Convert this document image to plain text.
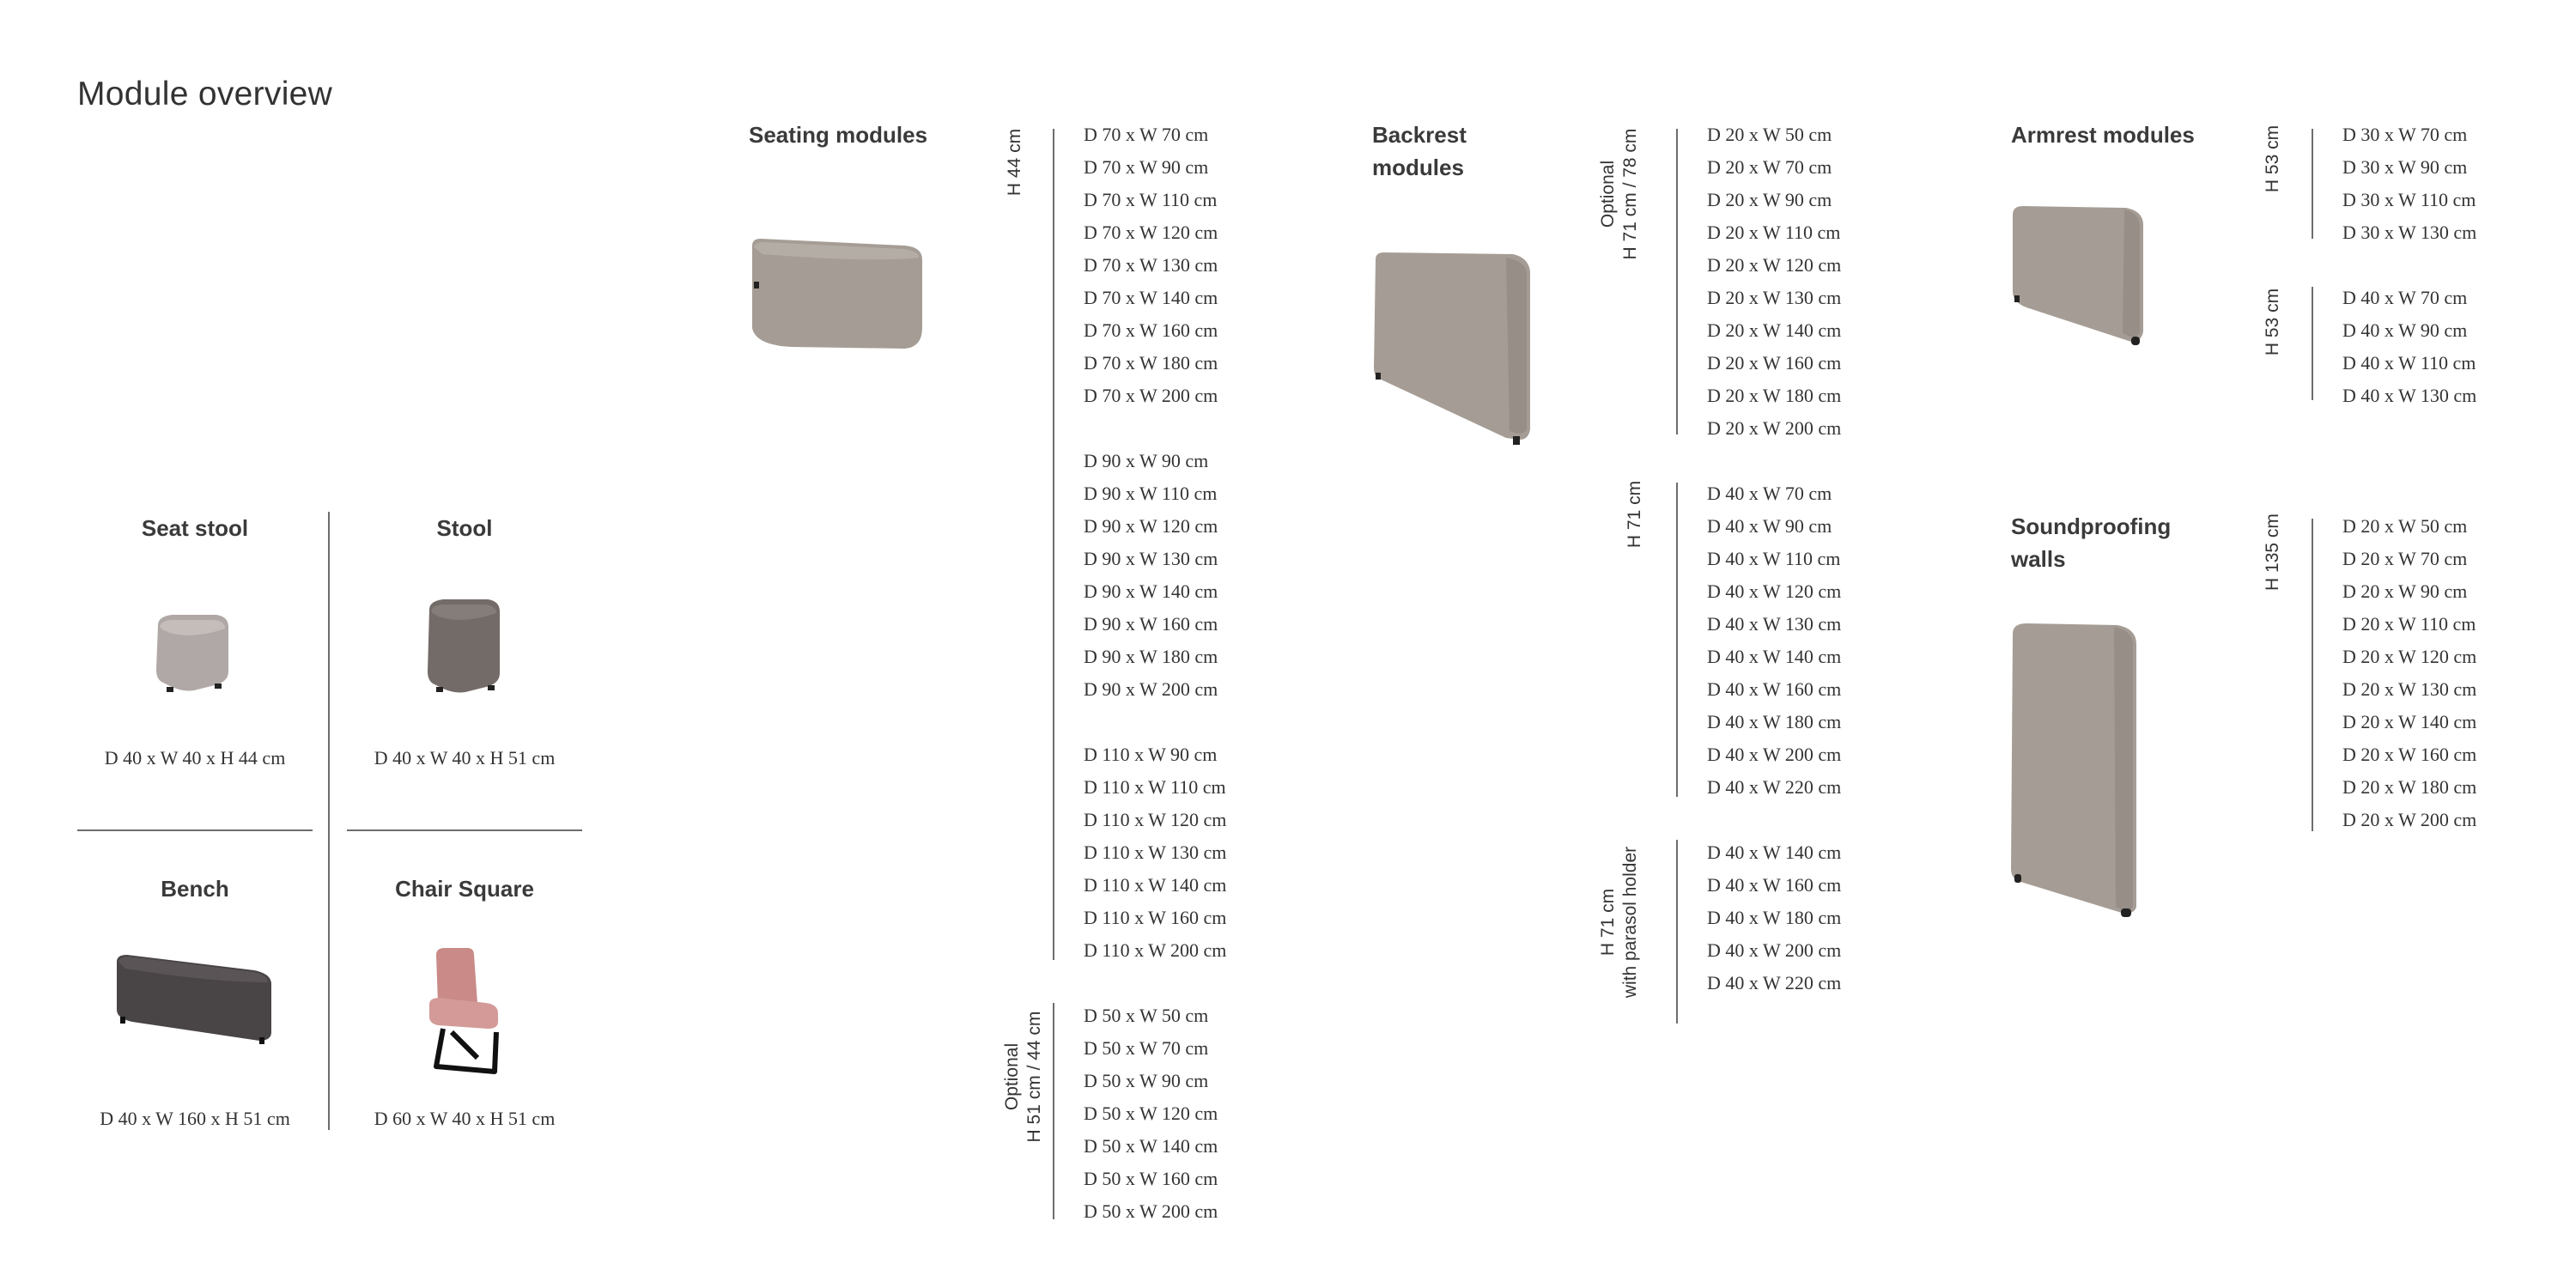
Module overview
Seat stool
D 40 x W 40 x H 44 cm
Stool
D 40 x W 40 x H 51 cm
Bench
D 40 x W 160 x H 51 cm
Chair Square
D 60 x W 40 x H 51 cm
Seating modules	H 44 cm	D 70 x W 70 cm
D 70 x W 90 cm
D 70 x W 110 cm
D 70 x W 120 cm
D 70 x W 130 cm
D 70 x W 140 cm
D 70 x W 160 cm
D 70 x W 180 cm
D 70 x W 200 cm
D 90 x W 90 cm
D 90 x W 110 cm
D 90 x W 120 cm
D 90 x W 130 cm
D 90 x W 140 cm
D 90 x W 160 cm
D 90 x W 180 cm
D 90 x W 200 cm
D 110 x W 90 cm
D 110 x W 110 cm
D 110 x W 120 cm
D 110 x W 130 cm
D 110 x W 140 cm
D 110 x W 160 cm
D 110 x W 200 cm
Optional H 51 cm / 44 cm D 50 x W 50 cm
D 50 x W 70 cm
D 50 x W 90 cm
D 50 x W 120 cm
D 50 x W 140 cm
D 50 x W 160 cm
D 50 x W 200 cm
Backrest
modules	Optional H 71 cm / 78 cm	D 20 x W 50 cm
D 20 x W 70 cm
D 20 x W 90 cm
D 20 x W 110 cm
D 20 x W 120 cm
D 20 x W 130 cm
D 20 x W 140 cm
D 20 x W 160 cm
D 20 x W 180 cm
D 20 x W 200 cm
H 71 cm	D 40 x W 70 cm
D 40 x W 90 cm
D 40 x W 110 cm
D 40 x W 120 cm
D 40 x W 130 cm
D 40 x W 140 cm
D 40 x W 160 cm
D 40 x W 180 cm
D 40 x W 200 cm
D 40 x W 220 cm
H 71 cm with parasol holder	D 40 x W 140 cm
D 40 x W 160 cm
D 40 x W 180 cm
D 40 x W 200 cm
D 40 x W 220 cm
Armrest modules	H 53 cm	D 30 x W 70 cm
D 30 x W 90 cm
D 30 x W 110 cm
D 30 x W 130 cm
H 53 cm	D 40 x W 70 cm
D 40 x W 90 cm
D 40 x W 110 cm
D 40 x W 130 cm
Soundproofing
walls	H 135 cm	D 20 x W 50 cm
D 20 x W 70 cm
D 20 x W 90 cm
D 20 x W 110 cm
D 20 x W 120 cm
D 20 x W 130 cm
D 20 x W 140 cm
D 20 x W 160 cm
D 20 x W 180 cm
D 20 x W 200 cm
